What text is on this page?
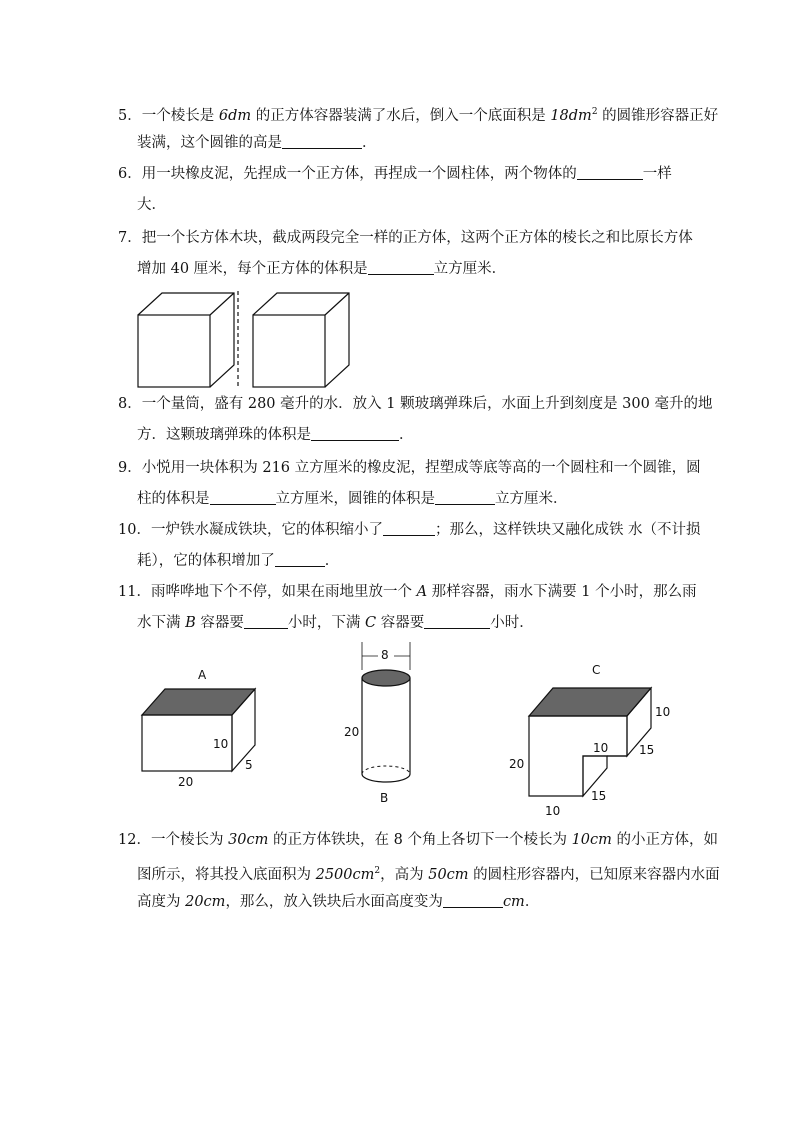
5．一个棱长是 6dm 的正方体容器装满了水后，倒入一个底面积是 $18dm^2$ 的圆锥形容器正好
装满，这个圆锥的高是	．
6．用一块橡皮泥，先捏成一个正方体，再捏成一个圆柱体，两个物体的	一样
大．
7．把一个长方体木块，截成两段完全一样的正方体，这两个正方体的棱长之和比原长方体
增加 40 厘米，每个正方体的体积是	立方厘米．
8．一个量筒，盛有 280 毫升的水．放入 1 颗玻璃弹珠后，水面上升到刻度是 300 毫升的地
方．这颗玻璃弹珠的体积是	．
9．小悦用一块体积为 216 立方厘米的橡皮泥，捏塑成等底等高的一个圆柱和一个圆锥，圆
柱的体积是	立方厘米，圆锥的体积是	立方厘米．
10．一炉铁水凝成铁块，它的体积缩小了	；那么，这样铁块又融化成铁 水（不计损
耗），它的体积增加了	．
11．雨哗哗地下个不停，如果在雨地里放一个 A 那样容器，雨水下满要 1 个小时，那么雨
水下满 B 容器要	小时，下满 C 容器要	小时．
A
10
5
20
8
20
B
C
10
10	15
20
15
10
12．一个棱长为 30cm 的正方体铁块，在 8 个角上各切下一个棱长为 10cm 的小正方体，如
图所示，将其投入底面积为 $2500cm^2$，高为 50cm 的圆柱形容器内，已知原来容器内水面
高度为 20cm，那么，放入铁块后水面高度变为	cm．
